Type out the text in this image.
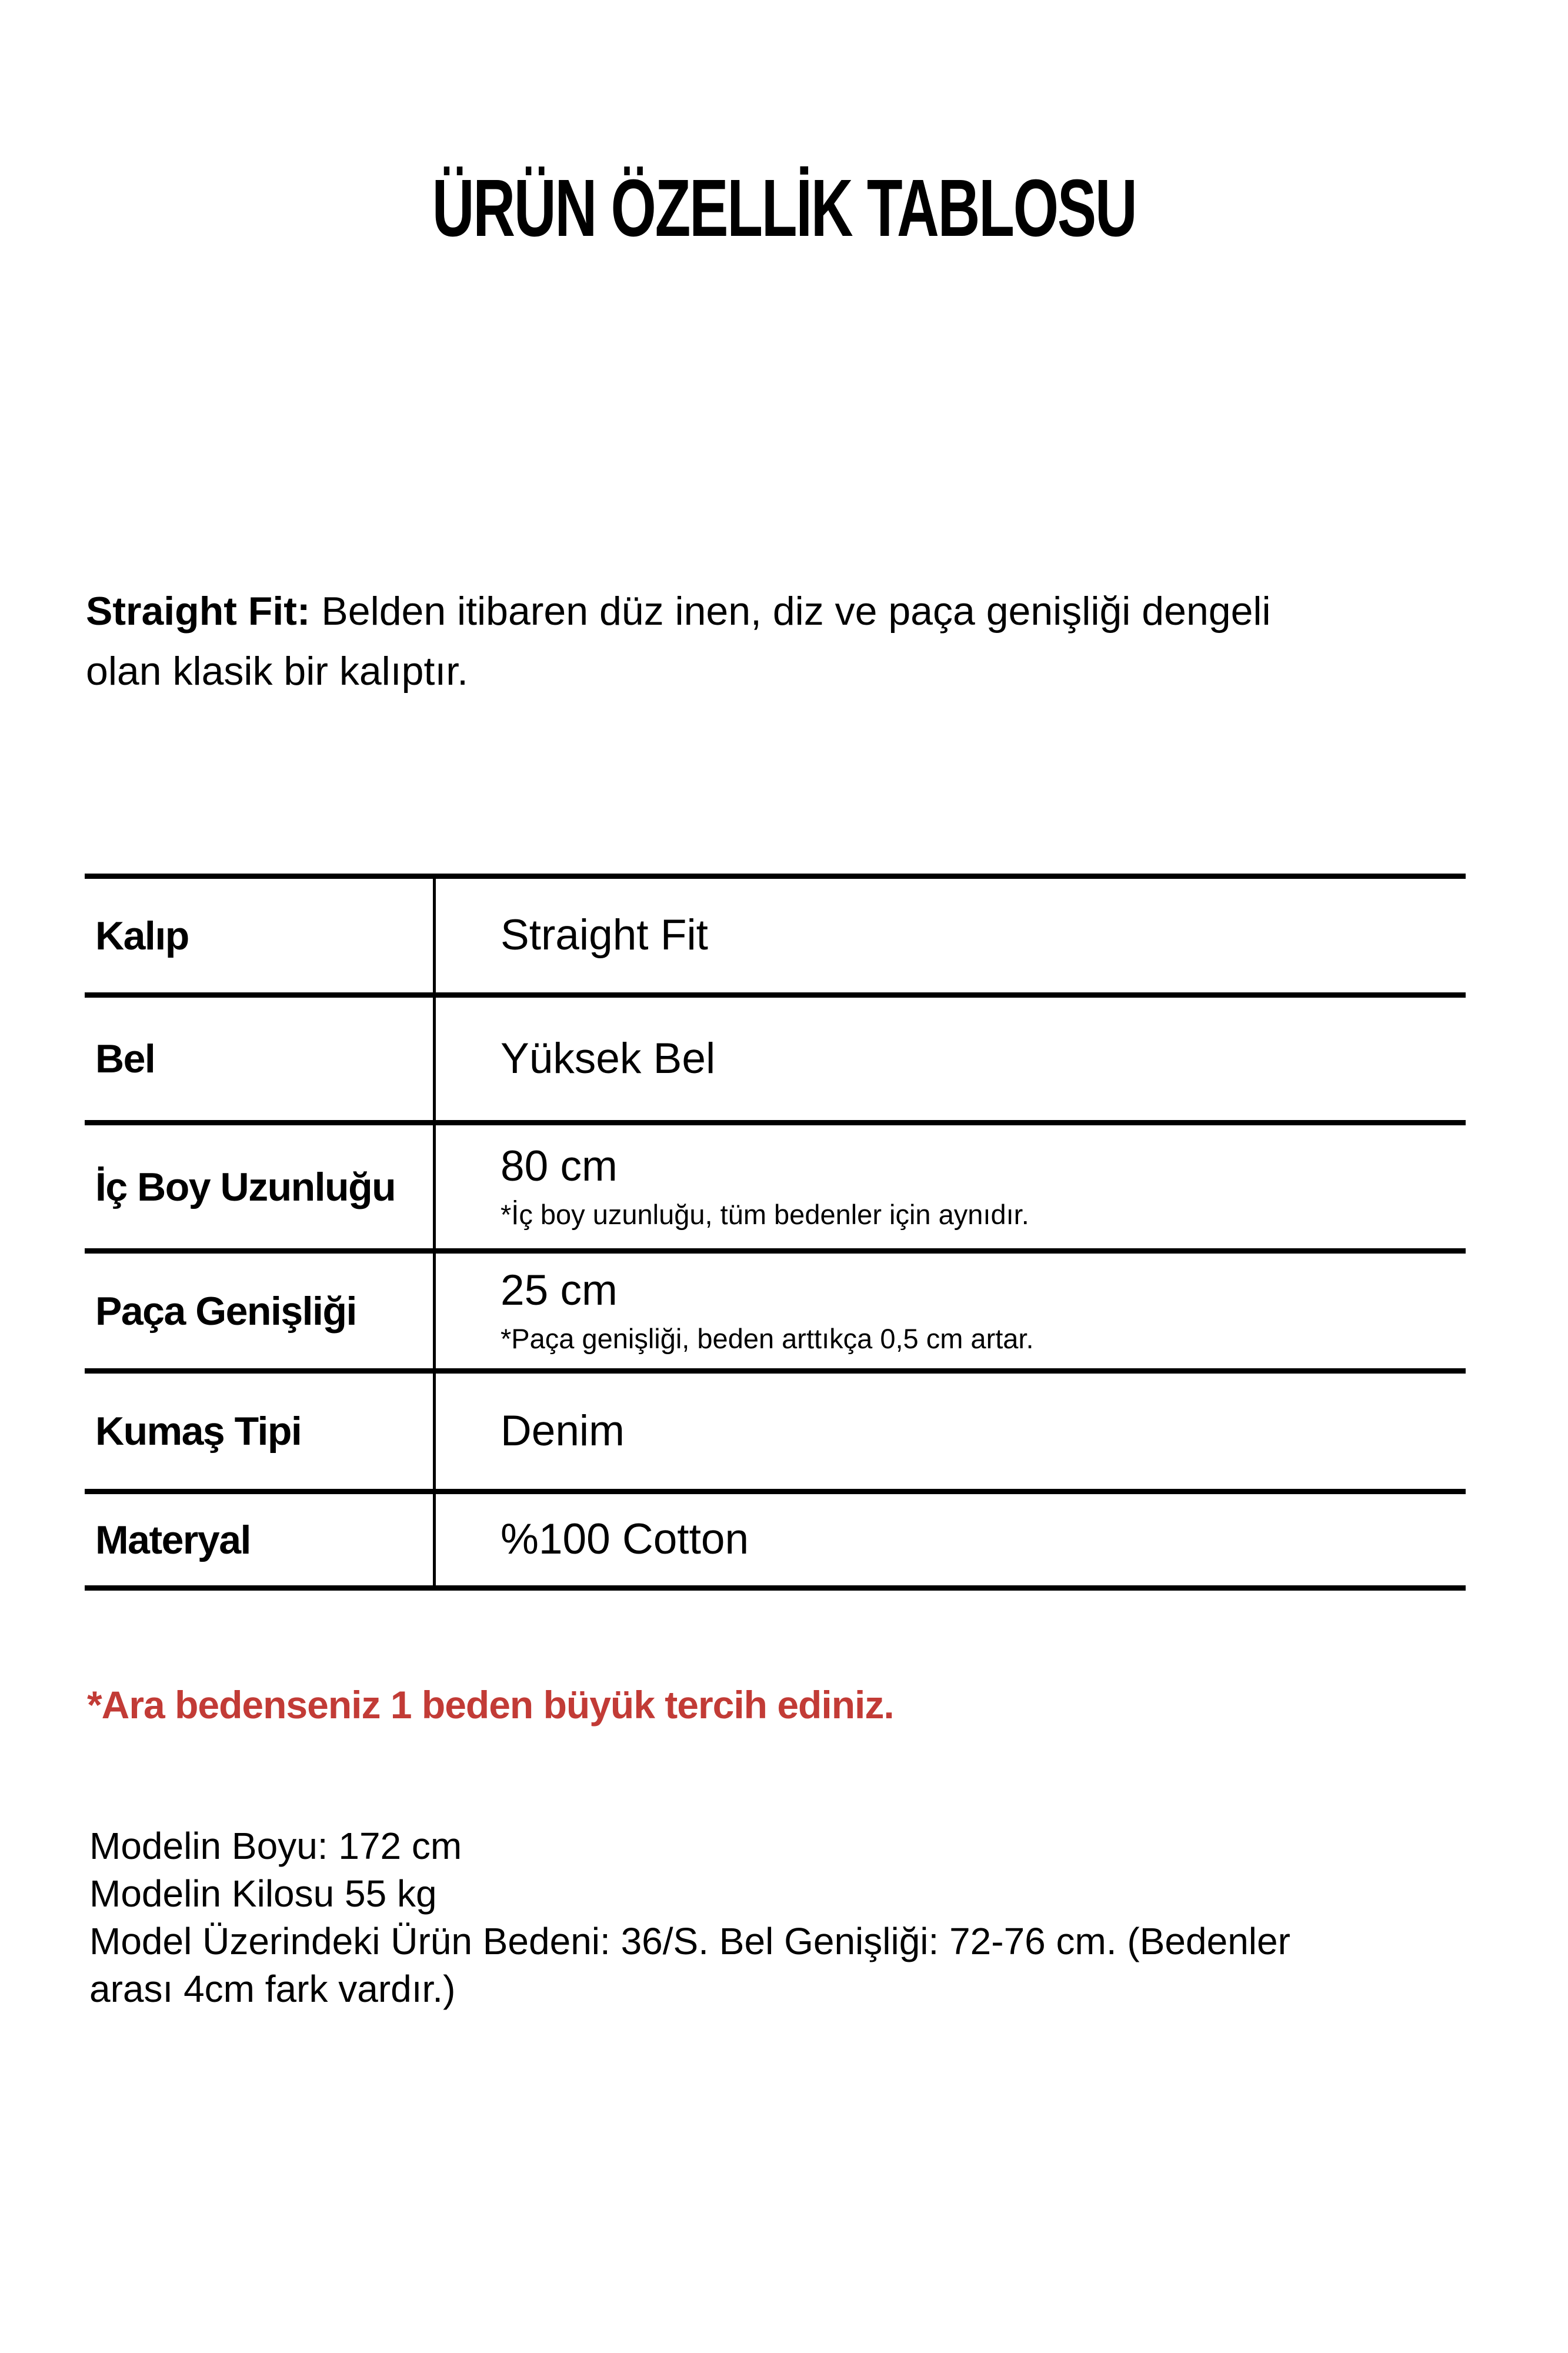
ÜRÜN ÖZELLİK TABLOSU
Straight Fit: Belden itibaren düz inen, diz ve paça genişliği dengeli
olan klasik bir kalıptır.
Kalıp	Straight Fit
Bel	Yüksek Bel
İç Boy Uzunluğu	80 cm
*İç boy uzunluğu, tüm bedenler için aynıdır.
Paça Genişliği	25 cm
*Paça genişliği, beden arttıkça 0,5 cm artar.
Kumaş Tipi	Denim
Materyal	%100 Cotton
*Ara bedenseniz 1 beden büyük tercih ediniz.
Modelin Boyu: 172 cm
Modelin Kilosu 55 kg
Model Üzerindeki Ürün Bedeni: 36/S. Bel Genişliği: 72-76 cm. (Bedenler
arası 4cm fark vardır.)
